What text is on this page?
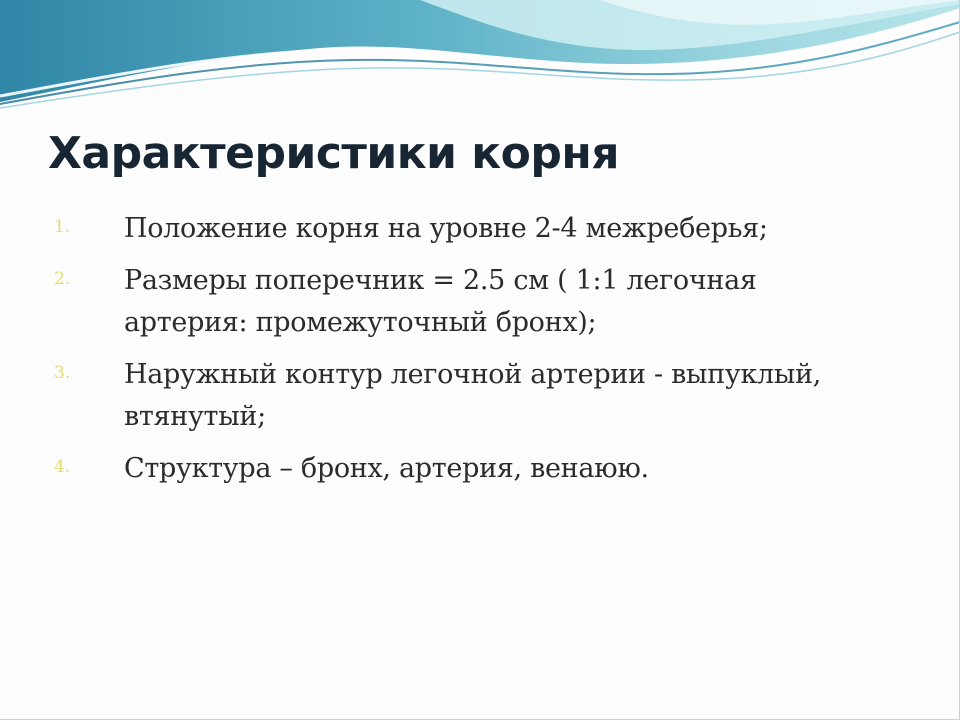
Характеристики корня
1.	Положение корня на уровне 2-4 межреберья;
2.	Размеры поперечник = 2.5 см ( 1:1 легочная артерия: промежуточный бронх);
3.	Наружный контур легочной артерии - выпуклый, втянутый;
4.	Структура – бронх, артерия, венаюю.
